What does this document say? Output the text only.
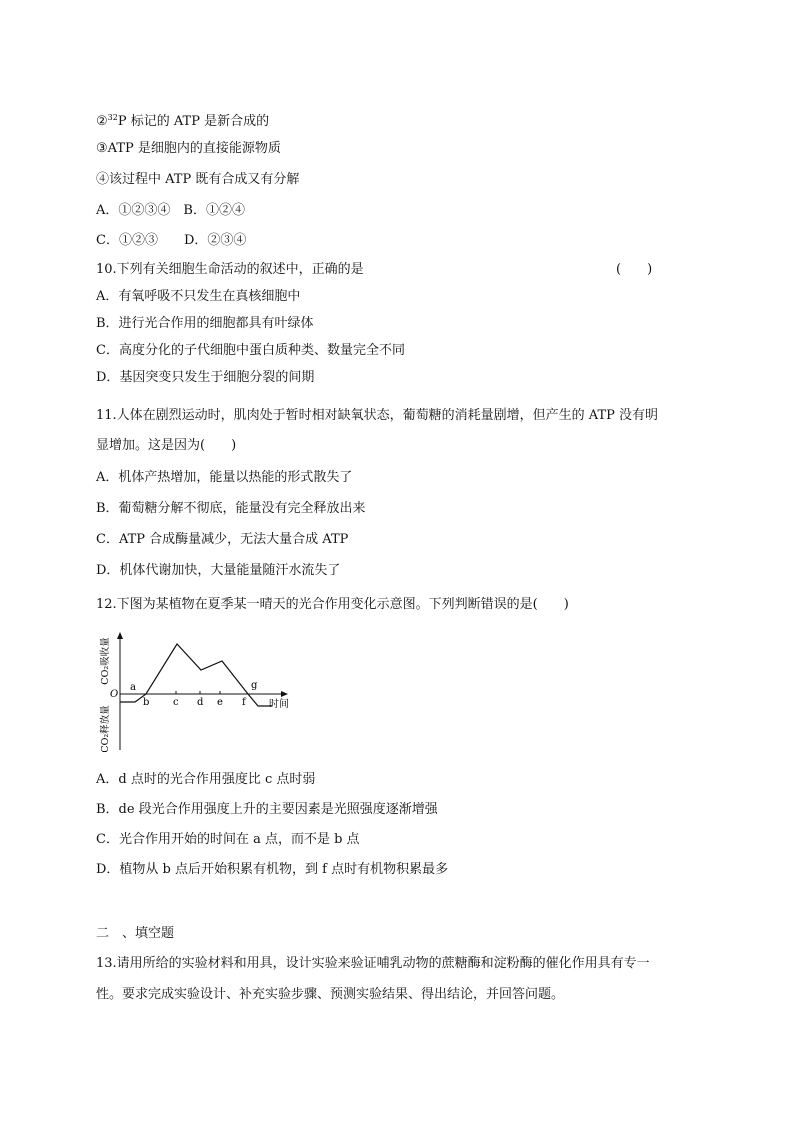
②$^{32}$P 标记的 ATP 是新合成的
③ATP 是细胞内的直接能源物质
④该过程中 ATP 既有合成又有分解
A．①②③④　B．①②④
C．①②③　　D．②③④
10.下列有关细胞生命活动的叙述中，正确的是	(　　)
A．有氧呼吸不只发生在真核细胞中
B．进行光合作用的细胞都具有叶绿体
C．高度分化的子代细胞中蛋白质种类、数量完全不同
D．基因突变只发生于细胞分裂的间期
11.人体在剧烈运动时，肌肉处于暂时相对缺氧状态，葡萄糖的消耗量剧增，但产生的 ATP 没有明
显增加。这是因为(　　)
A．机体产热增加，能量以热能的形式散失了
B．葡萄糖分解不彻底，能量没有完全释放出来
C．ATP 合成酶量减少，无法大量合成 ATP
D．机体代谢加快，大量能量随汗水流失了
12.下图为某植物在夏季某一晴天的光合作用变化示意图。下列判断错误的是(　　)
CO₂吸收量
CO₂释放量
O
a
b c d e f
g
时间
A．d 点时的光合作用强度比 c 点时弱
B．de 段光合作用强度上升的主要因素是光照强度逐渐增强
C．光合作用开始的时间在 a 点，而不是 b 点
D．植物从 b 点后开始积累有机物，到 f 点时有机物积累最多
二　、填空题
13.请用所给的实验材料和用具，设计实验来验证哺乳动物的蔗糖酶和淀粉酶的催化作用具有专一
性。要求完成实验设计、补充实验步骤、预测实验结果、得出结论，并回答问题。
